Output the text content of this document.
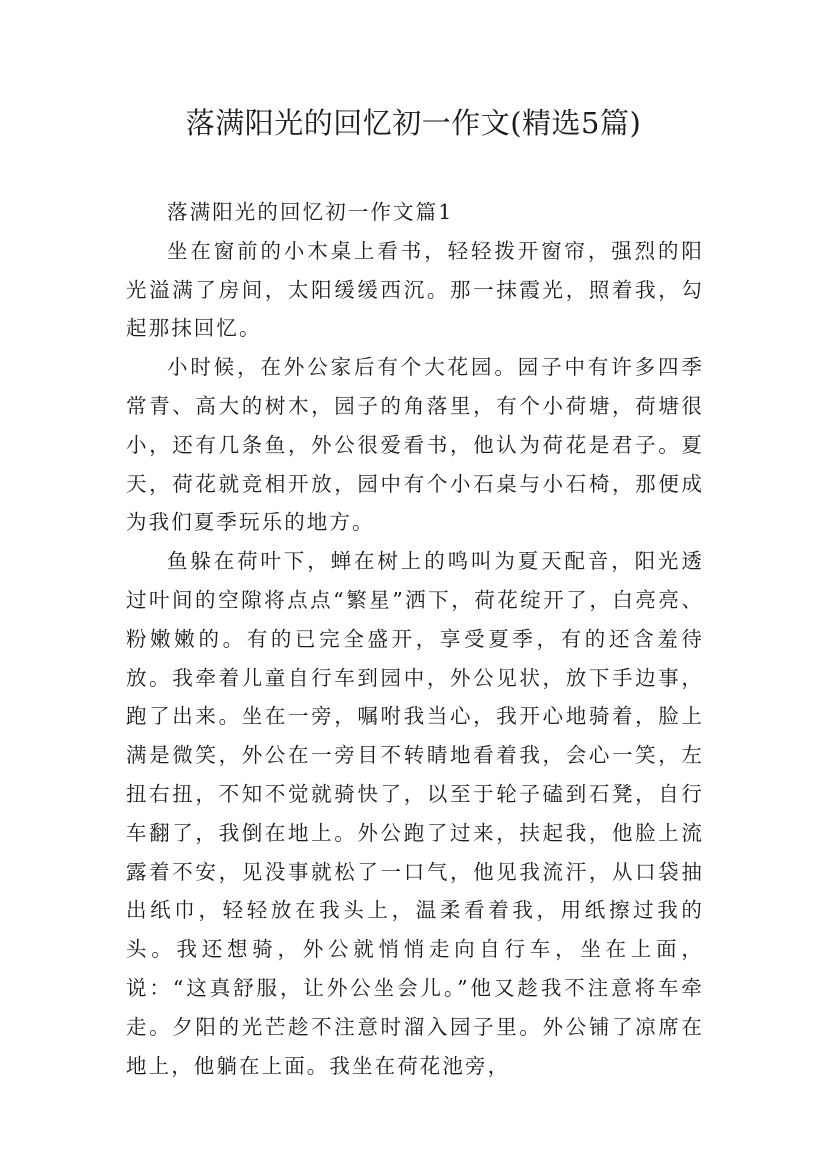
落满阳光的回忆初一作文(精选5篇)
落满阳光的回忆初一作文篇1

坐在窗前的小木桌上看书，轻轻拨开窗帘，强烈的阳光溢满了房间，太阳缓缓西沉。那一抹霞光，照着我，勾起那抹回忆。

小时候，在外公家后有个大花园。园子中有许多四季常青、高大的树木，园子的角落里，有个小荷塘，荷塘很小，还有几条鱼，外公很爱看书，他认为荷花是君子。夏天，荷花就竞相开放，园中有个小石桌与小石椅，那便成为我们夏季玩乐的地方。

鱼躲在荷叶下，蝉在树上的鸣叫为夏天配音，阳光透过叶间的空隙将点点“繁星”洒下，荷花绽开了，白亮亮、粉嫩嫩的。有的已完全盛开，享受夏季，有的还含羞待放。我牵着儿童自行车到园中，外公见状，放下手边事，跑了出来。坐在一旁，嘱咐我当心，我开心地骑着，脸上满是微笑，外公在一旁目不转睛地看着我，会心一笑，左扭右扭，不知不觉就骑快了，以至于轮子磕到石凳，自行车翻了，我倒在地上。外公跑了过来，扶起我，他脸上流露着不安，见没事就松了一口气，他见我流汗，从口袋抽出纸巾，轻轻放在我头上，温柔看着我，用纸擦过我的头。我还想骑，外公就悄悄走向自行车，坐在上面，说：“这真舒服，让外公坐会儿。”他又趁我不注意将车牵走。夕阳的光芒趁不注意时溜入园子里。外公铺了凉席在地上，他躺在上面。我坐在荷花池旁，
